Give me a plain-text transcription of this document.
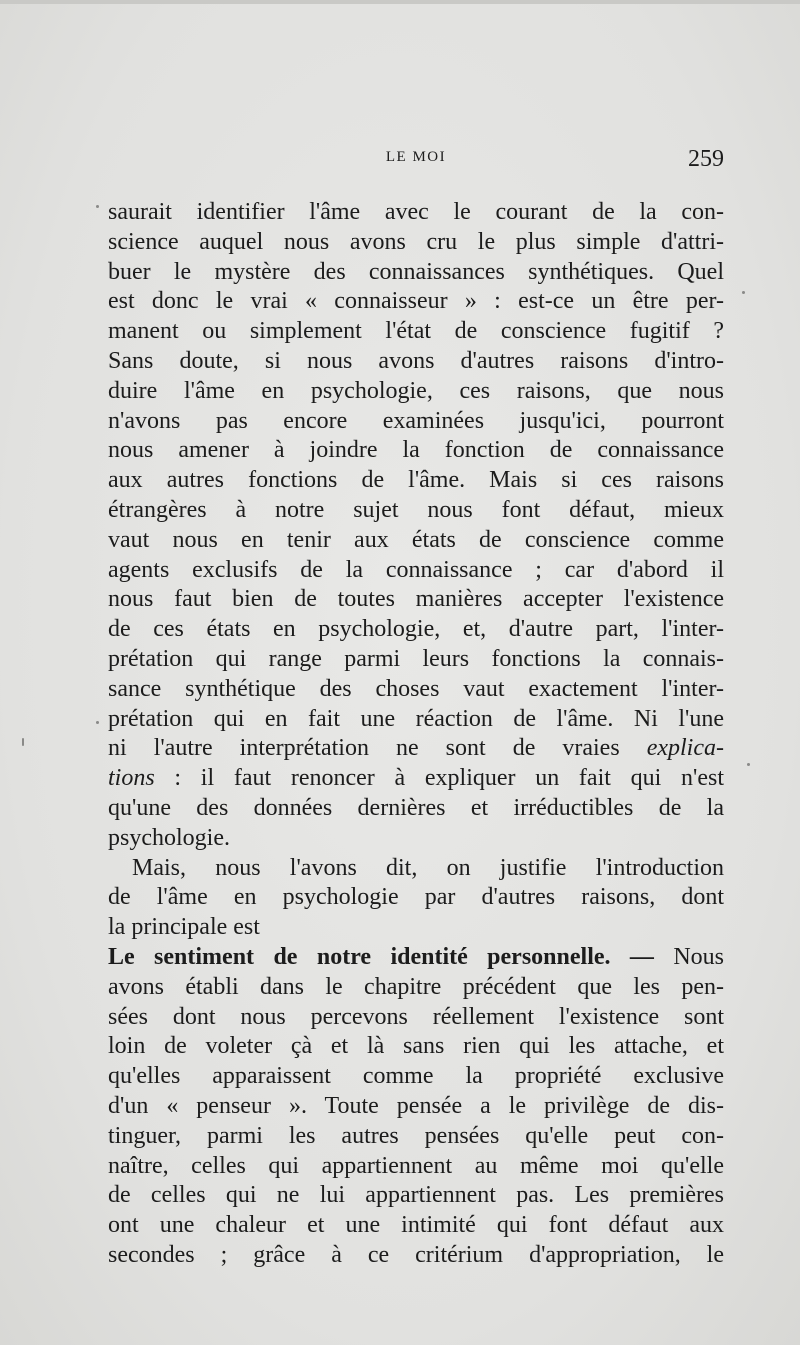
LE MOI	259
saurait identifier l'âme avec le courant de la con-
science auquel nous avons cru le plus simple d'attri-
buer le mystère des connaissances synthétiques. Quel
est donc le vrai « connaisseur » : est-ce un être per-
manent ou simplement l'état de conscience fugitif ?
Sans doute, si nous avons d'autres raisons d'intro-
duire l'âme en psychologie, ces raisons, que nous
n'avons pas encore examinées jusqu'ici, pourront
nous amener à joindre la fonction de connaissance
aux autres fonctions de l'âme. Mais si ces raisons
étrangères à notre sujet nous font défaut, mieux
vaut nous en tenir aux états de conscience comme
agents exclusifs de la connaissance ; car d'abord il
nous faut bien de toutes manières accepter l'existence
de ces états en psychologie, et, d'autre part, l'inter-
prétation qui range parmi leurs fonctions la connais-
sance synthétique des choses vaut exactement l'inter-
prétation qui en fait une réaction de l'âme. Ni l'une
ni l'autre interprétation ne sont de vraies explica-
tions : il faut renoncer à expliquer un fait qui n'est
qu'une des données dernières et irréductibles de la
psychologie.
Mais, nous l'avons dit, on justifie l'introduction
de l'âme en psychologie par d'autres raisons, dont
la principale est
Le sentiment de notre identité personnelle. — Nous
avons établi dans le chapitre précédent que les pen-
sées dont nous percevons réellement l'existence sont
loin de voleter çà et là sans rien qui les attache, et
qu'elles apparaissent comme la propriété exclusive
d'un « penseur ». Toute pensée a le privilège de dis-
tinguer, parmi les autres pensées qu'elle peut con-
naître, celles qui appartiennent au même moi qu'elle
de celles qui ne lui appartiennent pas. Les premières
ont une chaleur et une intimité qui font défaut aux
secondes ; grâce à ce critérium d'appropriation, le
